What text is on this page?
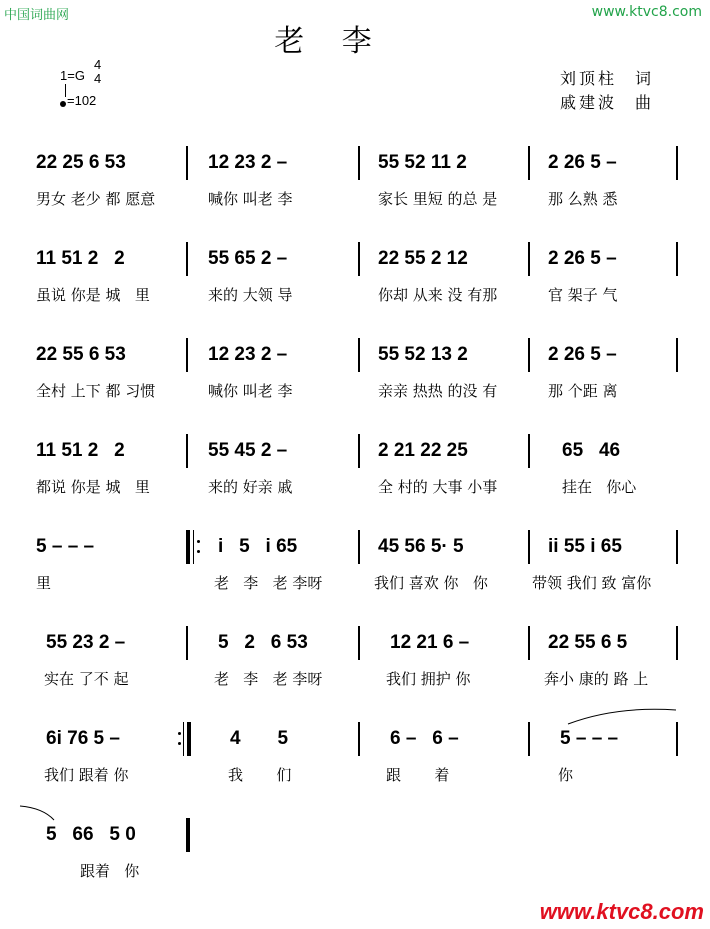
中国词曲网	www.ktvc8.com
老 李
1=G
4
4
=102
刘顶柱 词
戚建波 曲
22 25 6 53	12 23 2 –	55 52 11 2	2 26 5 –
男女 老少 都 愿意	喊你 叫老 李	家长 里短 的总 是	那 么熟 悉
11 51 2   2	55 65 2 –	22 55 2 12	2 26 5 –
虽说 你是 城   里	来的 大领 导	你却 从来 没 有那	官 架子 气
22 55 6 53	12 23 2 –	55 52 13 2	2 26 5 –
全村 上下 都 习惯	喊你 叫老 李	亲亲 热热 的没 有	那 个距 离
11 51 2   2	55 45 2 –	2 21 22 25	65   46
都说 你是 城   里	来的 好亲 戚	全 村的 大事 小事	挂在   你心
5 – – –	i   5   i 65	45 56 5· 5	ii 55 i 65
里	老   李   老 李呀	我们 喜欢 你   你	带领 我们 致 富你
55 23 2 –	5   2   6 53	12 21 6 –	22 55 6 5
实在 了不 起	老   李   老 李呀	我们 拥护 你	奔小 康的 路 上
6i 76 5 –	4       5	6 –   6 –	5 – – –
我们 跟着 你	我       们	跟       着	你
5   66   5 0
跟着   你
www.ktvc8.com
